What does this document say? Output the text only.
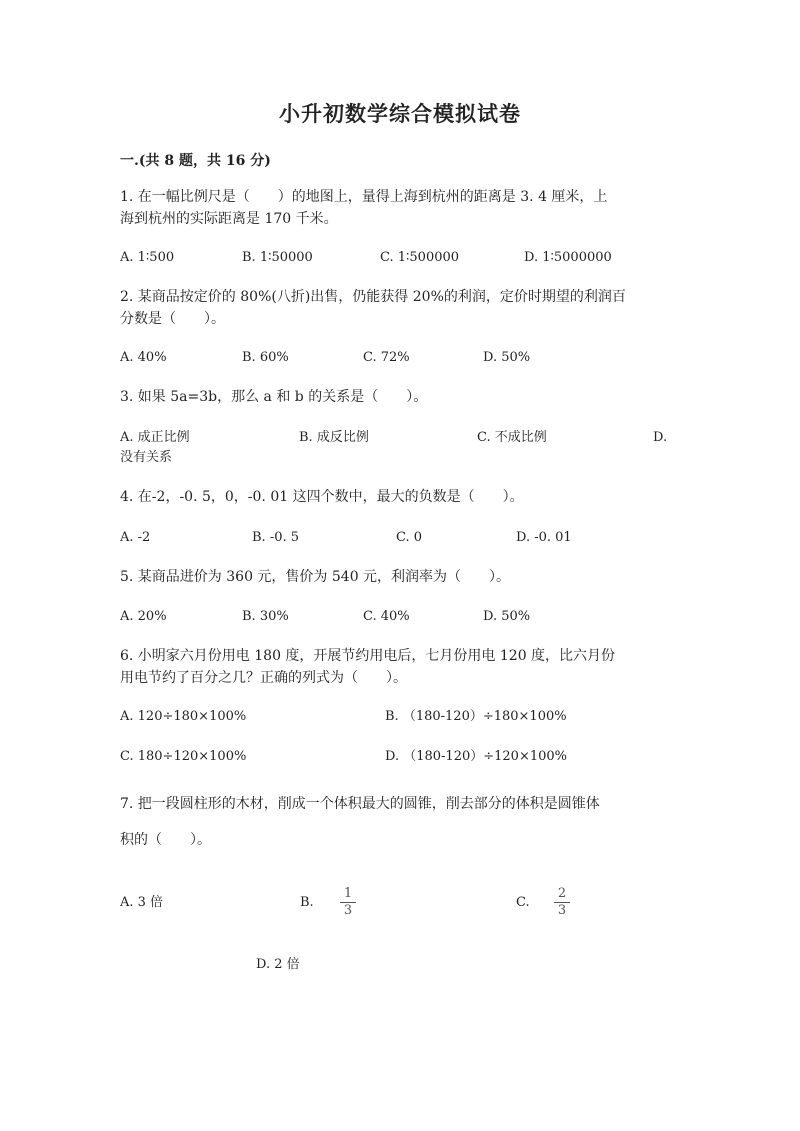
小升初数学综合模拟试卷
一.(共 8 题，共 16 分)
1. 在一幅比例尺是（　　）的地图上，量得上海到杭州的距离是 3. 4 厘米，上
海到杭州的实际距离是 170 千米。
A. 1∶500	B. 1∶50000	C. 1∶500000	D. 1∶5000000
2. 某商品按定价的 80%(八折)出售，仍能获得 20%的利润，定价时期望的利润百
分数是（　　）。
A. 40%	B. 60%	C. 72%	D. 50%
3. 如果 5a=3b，那么 a 和 b 的关系是（　　）。
A. 成正比例	B. 成反比例	C. 不成比例	D.
没有关系
4. 在-2，-0. 5，0，-0. 01 这四个数中，最大的负数是（　　）。
A. -2	B. -0. 5	C. 0	D. -0. 01
5. 某商品进价为 360 元，售价为 540 元，利润率为（　　）。
A. 20%	B. 30%	C. 40%	D. 50%
6. 小明家六月份用电 180 度，开展节约用电后，七月份用电 120 度，比六月份
用电节约了百分之几？正确的列式为（　　）。
A. 120÷180×100%	B. （180-120）÷180×100%
C. 180÷120×100%	D. （180-120）÷120×100%
7. 把一段圆柱形的木材，削成一个体积最大的圆锥，削去部分的体积是圆锥体
积的（　　）。
A. 3 倍	B.
1
3
C.
2
3
D. 2 倍
